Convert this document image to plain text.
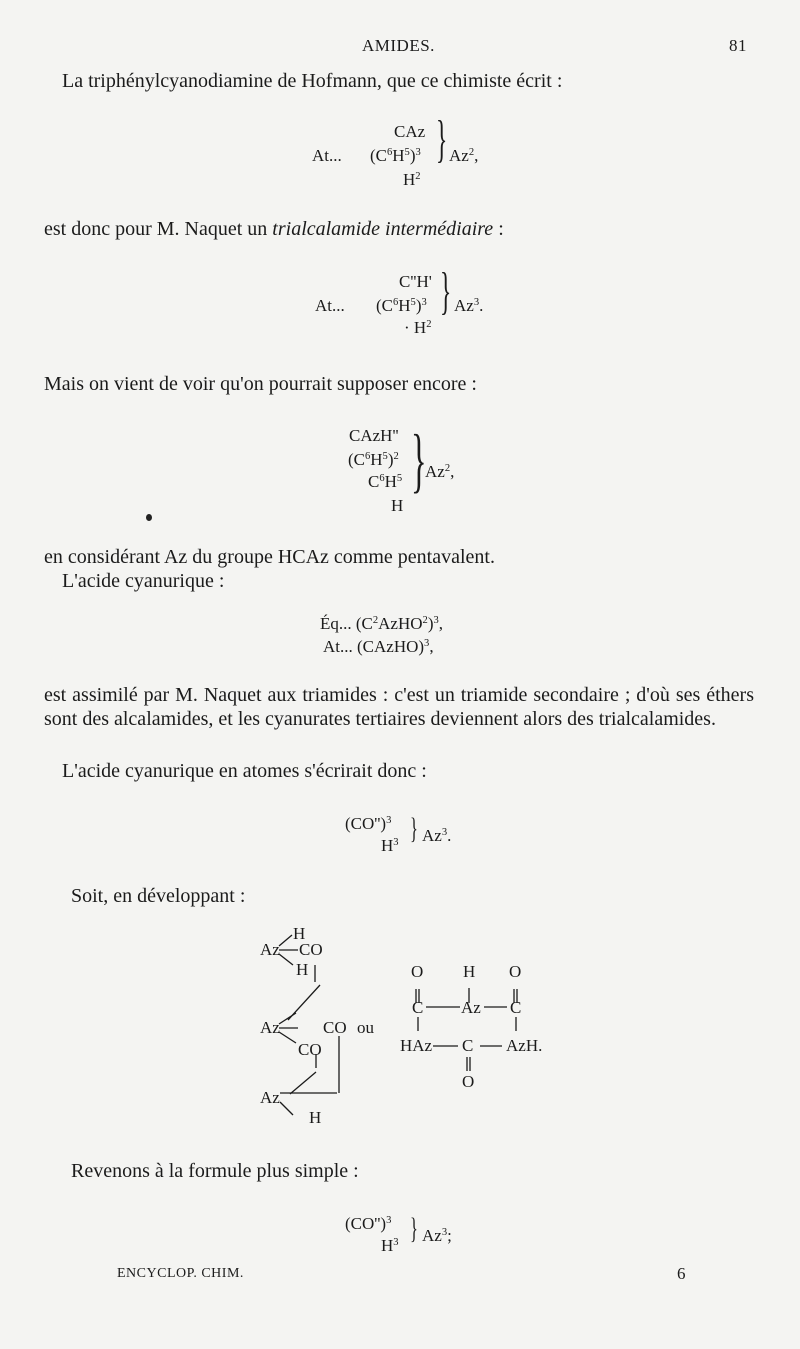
AMIDES.	81
La triphénylcyanodiamine de Hofmann, que ce chimiste écrit :
CAz
At... $(C^6H^5)^3$
$H^2$
} Az$^2$,
est donc pour M. Naquet un trialcalamide intermédiaire :
C''H'
At... $(C^6H^5)^3$
· $H^2$
} Az$^3$.
Mais on vient de voir qu'on pourrait supposer encore :
CAzH''
$(C^6H^5)^2$
$C^6H^5$
H
}
Az$^2$,
en considérant Az du groupe HCAz comme pentavalent.
L'acide cyanurique :
Éq... $(C^2AzHO^2)^3$,
At... (CAzHO)$^3$,
est assimilé par M. Naquet aux triamides : c'est un triamide secondaire ; d'où ses éthers sont des alcalamides, et les cyanurates tertiaires deviennent alors des trialcalamides.
L'acide cyanurique en atomes s'écrirait donc :
$(CO'')^3$
$H^3$ } Az$^3$.
Soit, en développant :
H
Az CO
H
Az
CO
CO ou
Az
H
O H O
C Az C
HAz C AzH.
O
Revenons à la formule plus simple :
$(CO'')^3$
$H^3$ } Az$^3$;
ENCYCLOP. CHIM.	6
